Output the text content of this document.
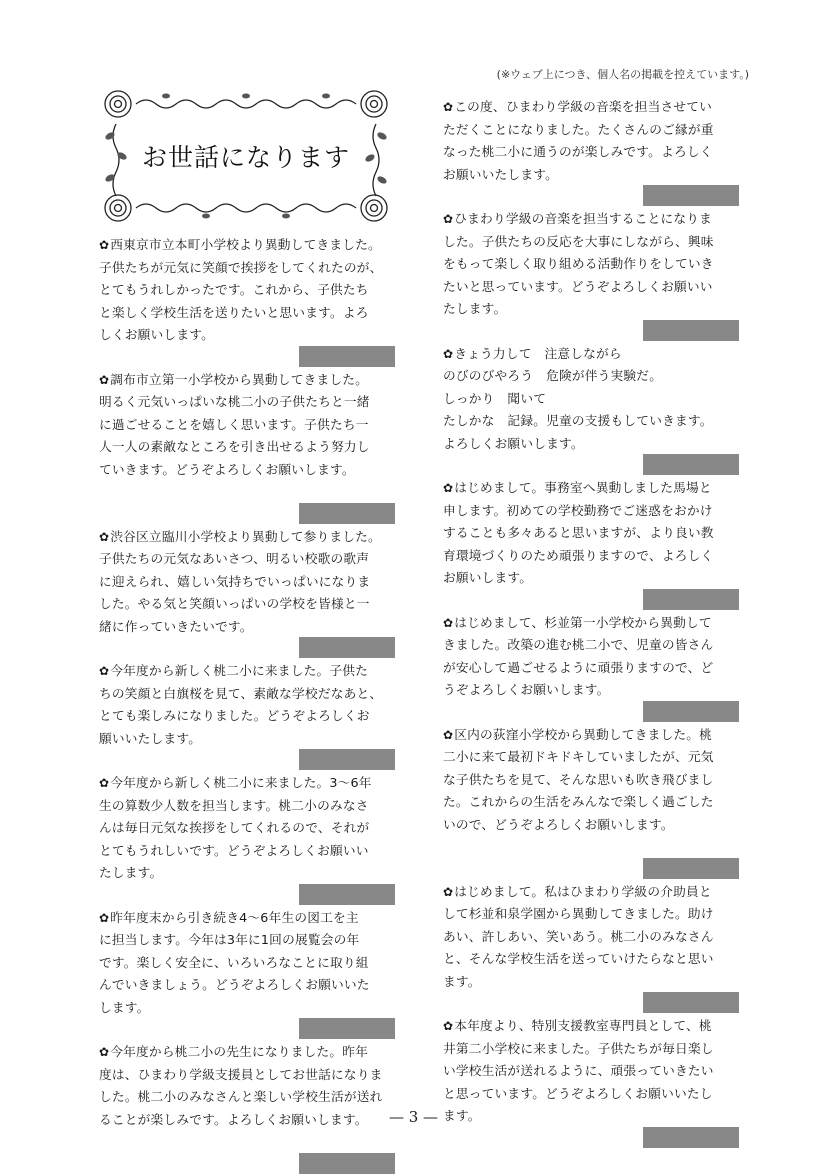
(※ウェブ上につき、個人名の掲載を控えています。)
お世話になります
✿西東京市立本町小学校より異動してきました。
子供たちが元気に笑顔で挨拶をしてくれたのが、
とてもうれしかったです。これから、子供たち
と楽しく学校生活を送りたいと思います。よろ
しくお願いします。
✿調布市立第一小学校から異動してきました。
明るく元気いっぱいな桃二小の子供たちと一緒
に過ごせることを嬉しく思います。子供たち一
人一人の素敵なところを引き出せるよう努力し
ていきます。どうぞよろしくお願いします。
✿渋谷区立臨川小学校より異動して参りました。
子供たちの元気なあいさつ、明るい校歌の歌声
に迎えられ、嬉しい気持ちでいっぱいになりま
した。やる気と笑顔いっぱいの学校を皆様と一
緒に作っていきたいです。
✿今年度から新しく桃二小に来ました。子供た
ちの笑顔と白旗桜を見て、素敵な学校だなあと、
とても楽しみになりました。どうぞよろしくお
願いいたします。
✿今年度から新しく桃二小に来ました。3〜6年
生の算数少人数を担当します。桃二小のみなさ
んは毎日元気な挨拶をしてくれるので、それが
とてもうれしいです。どうぞよろしくお願いい
たします。
✿昨年度末から引き続き4〜6年生の図工を主
に担当します。今年は3年に1回の展覧会の年
です。楽しく安全に、いろいろなことに取り組
んでいきましょう。どうぞよろしくお願いいた
します。
✿今年度から桃二小の先生になりました。昨年
度は、ひまわり学級支援員としてお世話になりま
した。桃二小のみなさんと楽しい学校生活が送れ
ることが楽しみです。よろしくお願いします。
✿この度、ひまわり学級の音楽を担当させてい
ただくことになりました。たくさんのご縁が重
なった桃二小に通うのが楽しみです。よろしく
お願いいたします。
✿ひまわり学級の音楽を担当することになりま
した。子供たちの反応を大事にしながら、興味
をもって楽しく取り組める活動作りをしていき
たいと思っています。どうぞよろしくお願いい
たします。
✿きょう力して　注意しながら
のびのびやろう　危険が伴う実験だ。
しっかり　聞いて
たしかな　記録。児童の支援もしていきます。
よろしくお願いします。
✿はじめまして。事務室へ異動しました馬場と
申します。初めての学校勤務でご迷惑をおかけ
することも多々あると思いますが、より良い教
育環境づくりのため頑張りますので、よろしく
お願いします。
✿はじめまして、杉並第一小学校から異動して
きました。改築の進む桃二小で、児童の皆さん
が安心して過ごせるように頑張りますので、ど
うぞよろしくお願いします。
✿区内の荻窪小学校から異動してきました。桃
二小に来て最初ドキドキしていましたが、元気
な子供たちを見て、そんな思いも吹き飛びまし
た。これからの生活をみんなで楽しく過ごした
いので、どうぞよろしくお願いします。
✿はじめまして。私はひまわり学級の介助員と
して杉並和泉学園から異動してきました。助け
あい、許しあい、笑いあう。桃二小のみなさん
と、そんな学校生活を送っていけたらなと思い
ます。
✿本年度より、特別支援教室専門員として、桃
井第二小学校に来ました。子供たちが毎日楽し
い学校生活が送れるように、頑張っていきたい
と思っています。どうぞよろしくお願いいたし
ます。
— 3 —
